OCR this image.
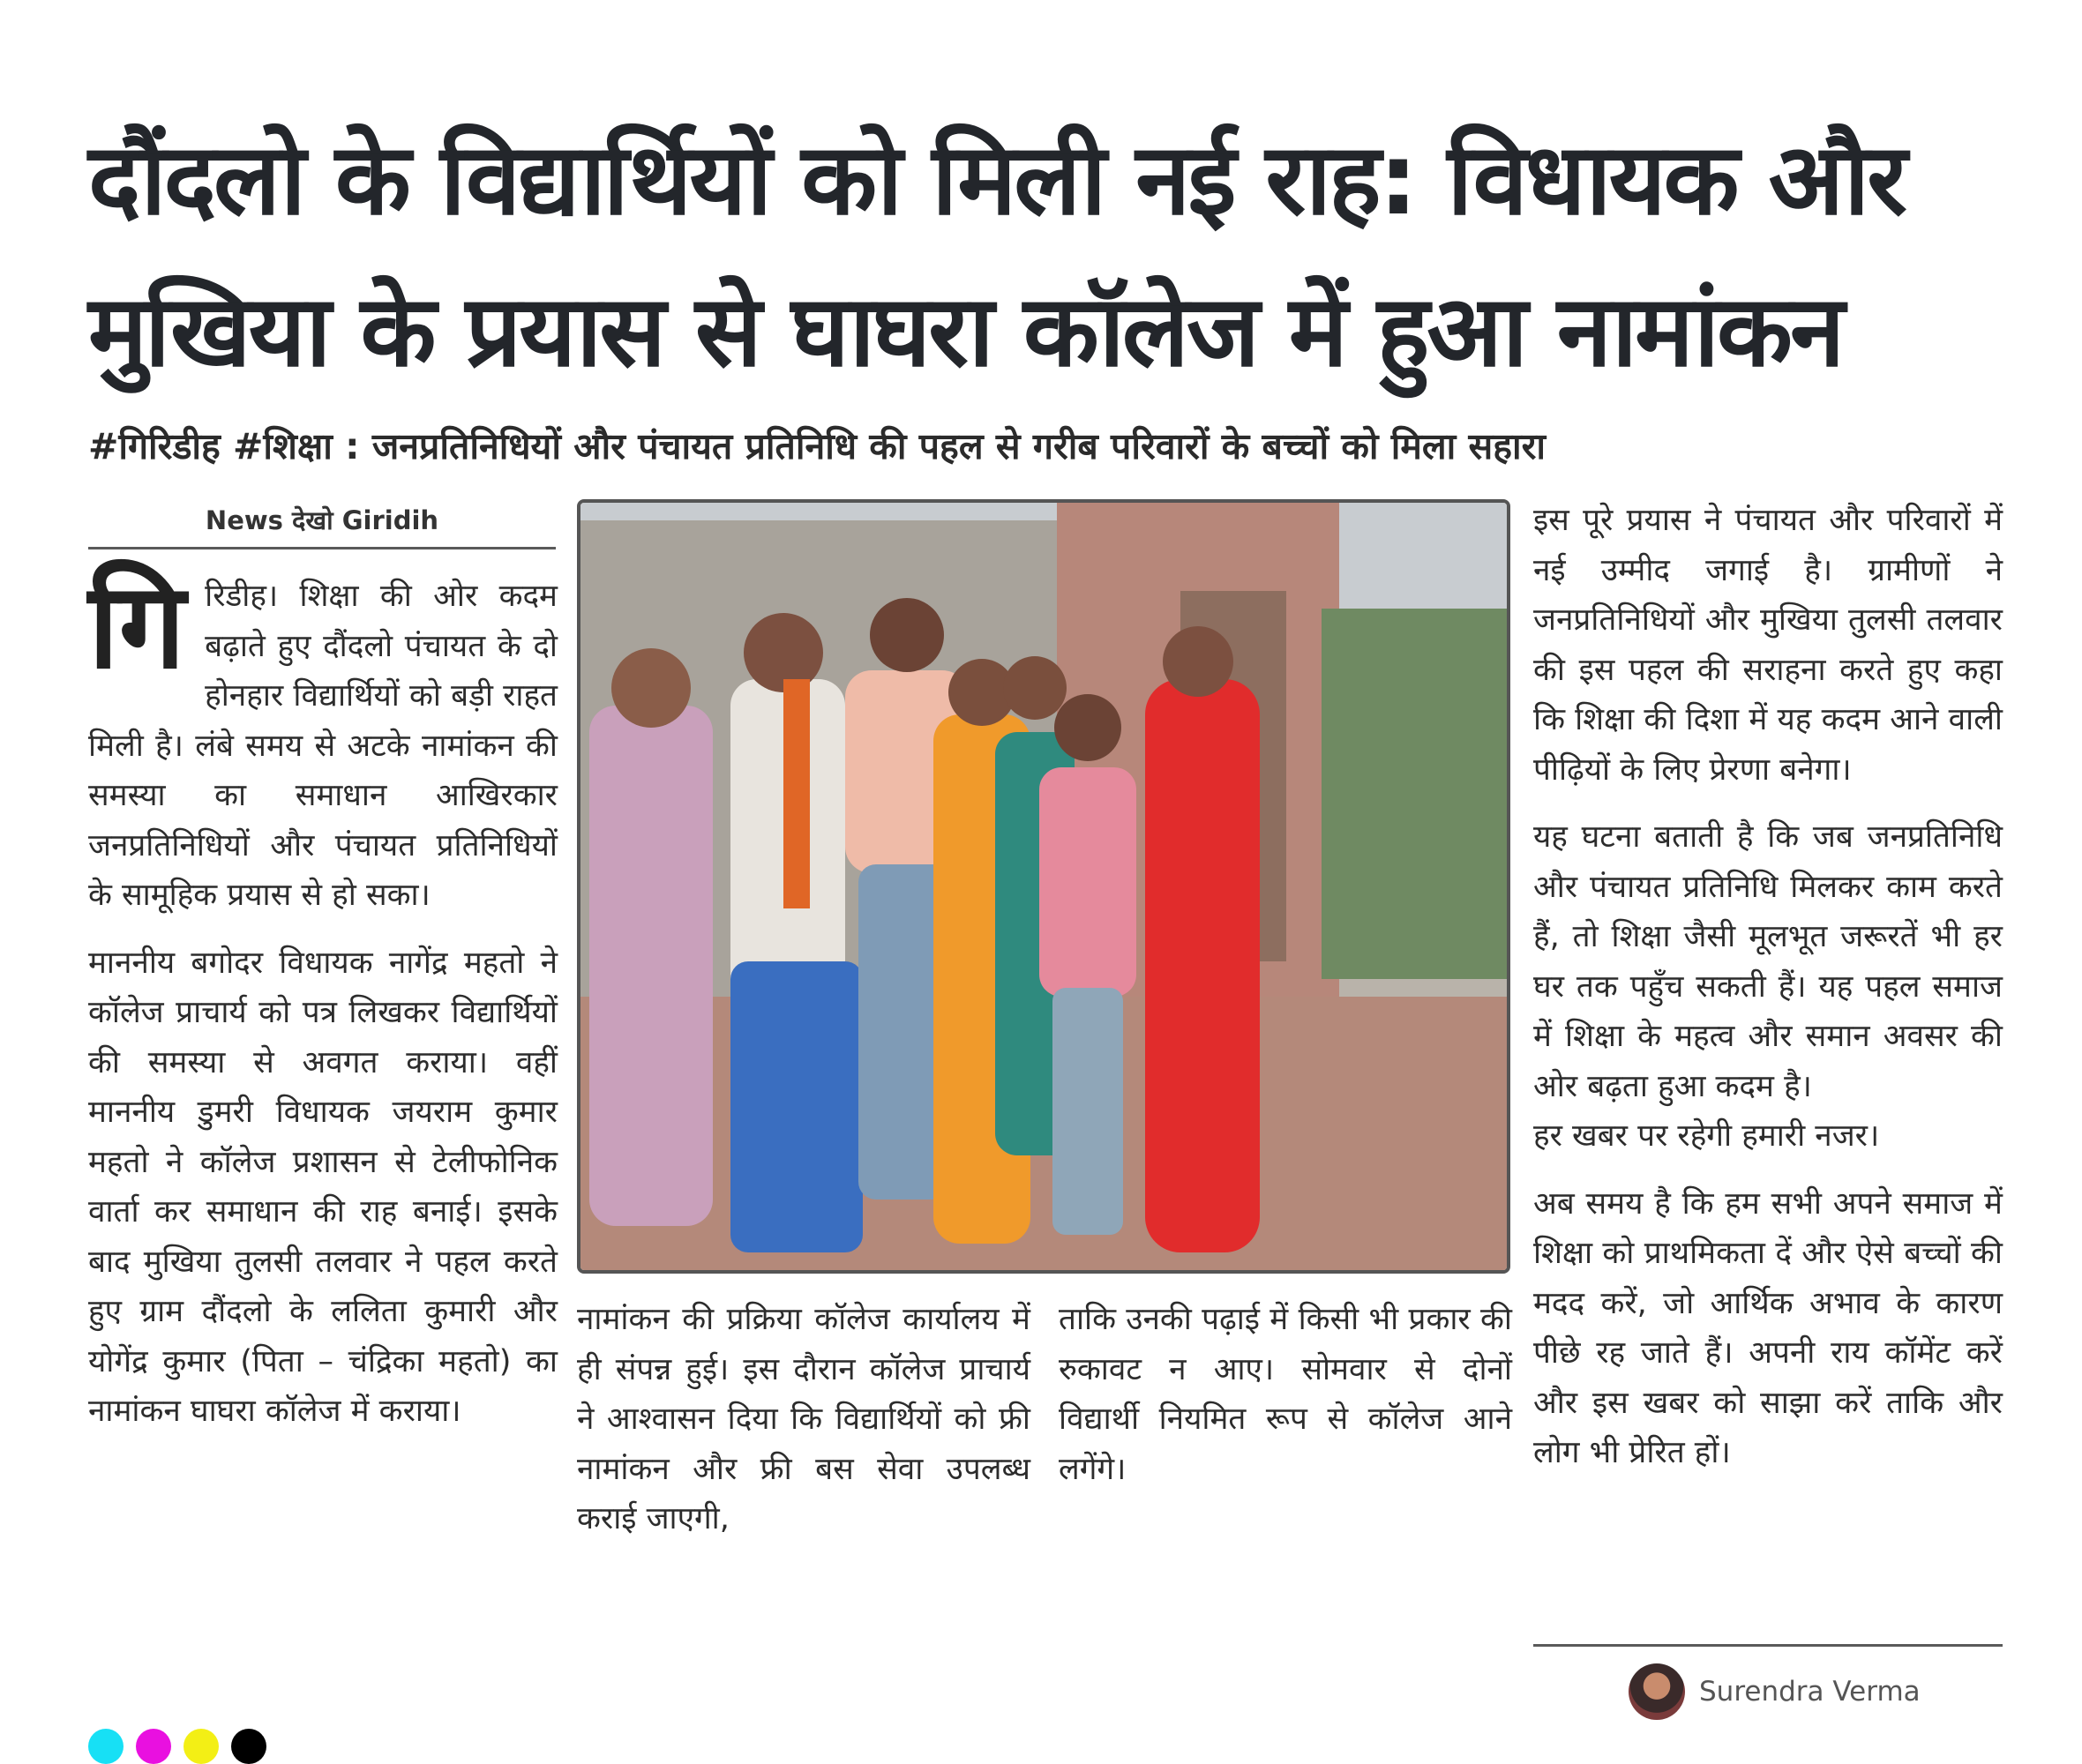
दौंदलो के विद्यार्थियों को मिली नई राह: विधायक और
मुखिया के प्रयास से घाघरा कॉलेज में हुआ नामांकन
#गिरिडीह #शिक्षा : जनप्रतिनिधियों और पंचायत प्रतिनिधि की पहल से गरीब परिवारों के बच्चों को मिला सहारा
News देखो Giridih

गिरिडीह। शिक्षा की ओर कदम बढ़ाते हुए दौंदलो पंचायत के दो होनहार विद्यार्थियों को बड़ी राहत मिली है। लंबे समय से अटके नामांकन की समस्या का समाधान आखिरकार जनप्रतिनिधियों और पंचायत प्रतिनिधियों के सामूहिक प्रयास से हो सका।

माननीय बगोदर विधायक नागेंद्र महतो ने कॉलेज प्राचार्य को पत्र लिखकर विद्यार्थियों की समस्या से अवगत कराया। वहीं माननीय डुमरी विधायक जयराम कुमार महतो ने कॉलेज प्रशासन से टेलीफोनिक वार्ता कर समाधान की राह बनाई। इसके बाद मुखिया तुलसी तलवार ने पहल करते हुए ग्राम दौंदलो के ललिता कुमारी और योगेंद्र कुमार (पिता – चंद्रिका महतो) का नामांकन घाघरा कॉलेज में कराया।

नामांकन की प्रक्रिया कॉलेज कार्यालय में ही संपन्न हुई। इस दौरान कॉलेज प्राचार्य ने आश्वासन दिया कि विद्यार्थियों को फ्री नामांकन और फ्री बस सेवा उपलब्ध कराई जाएगी,

ताकि उनकी पढ़ाई में किसी भी प्रकार की रुकावट न आए। सोमवार से दोनों विद्यार्थी नियमित रूप से कॉलेज आने लगेंगे।

इस पूरे प्रयास ने पंचायत और परिवारों में नई उम्मीद जगाई है। ग्रामीणों ने जनप्रतिनिधियों और मुखिया तुलसी तलवार की इस पहल की सराहना करते हुए कहा कि शिक्षा की दिशा में यह कदम आने वाली पीढ़ियों के लिए प्रेरणा बनेगा।

यह घटना बताती है कि जब जनप्रतिनिधि और पंचायत प्रतिनिधि मिलकर काम करते हैं, तो शिक्षा जैसी मूलभूत जरूरतें भी हर घर तक पहुँच सकती हैं। यह पहल समाज में शिक्षा के महत्व और समान अवसर की ओर बढ़ता हुआ कदम है।
हर खबर पर रहेगी हमारी नजर।

अब समय है कि हम सभी अपने समाज में शिक्षा को प्राथमिकता दें और ऐसे बच्चों की मदद करें, जो आर्थिक अभाव के कारण पीछे रह जाते हैं। अपनी राय कॉमेंट करें और इस खबर को साझा करें ताकि और लोग भी प्रेरित हों।

Surendra Verma
